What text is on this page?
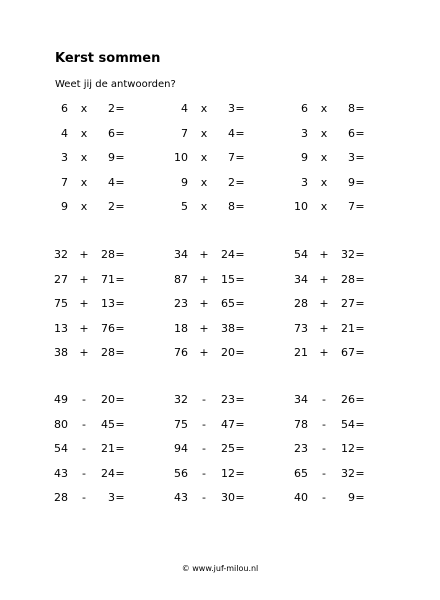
Kerst sommen
Weet jij de antwoorden?
6	x	2 =	4	x	3 =	6	x	8 =
4	x	6 =	7	x	4 =	3	x	6 =
3	x	9 =	10	x	7 =	9	x	3 =
7	x	4 =	9	x	2 =	3	x	9 =
9	x	2 =	5	x	8 =	10	x	7 =
32 +	28 =	34 +	24 =	54 +	32 =
27 +	71 =	87 +	15 =	34 +	28 =
75 +	13 =	23 +	65 =	28 +	27 =
13 +	76 =	18 +	38 =	73 +	21 =
38 +	28 =	76 +	20 =	21 +	67 =
49	-	20 =	32	-	23 =	34	-	26 =
80	-	45 =	75	-	47 =	78	-	54 =
54	-	21 =	94	-	25 =	23	-	12 =
43	-	24 =	56	-	12 =	65	-	32 =
28	-	3 =	43	-	30 =	40	-	9 =
© www.juf-milou.nl
